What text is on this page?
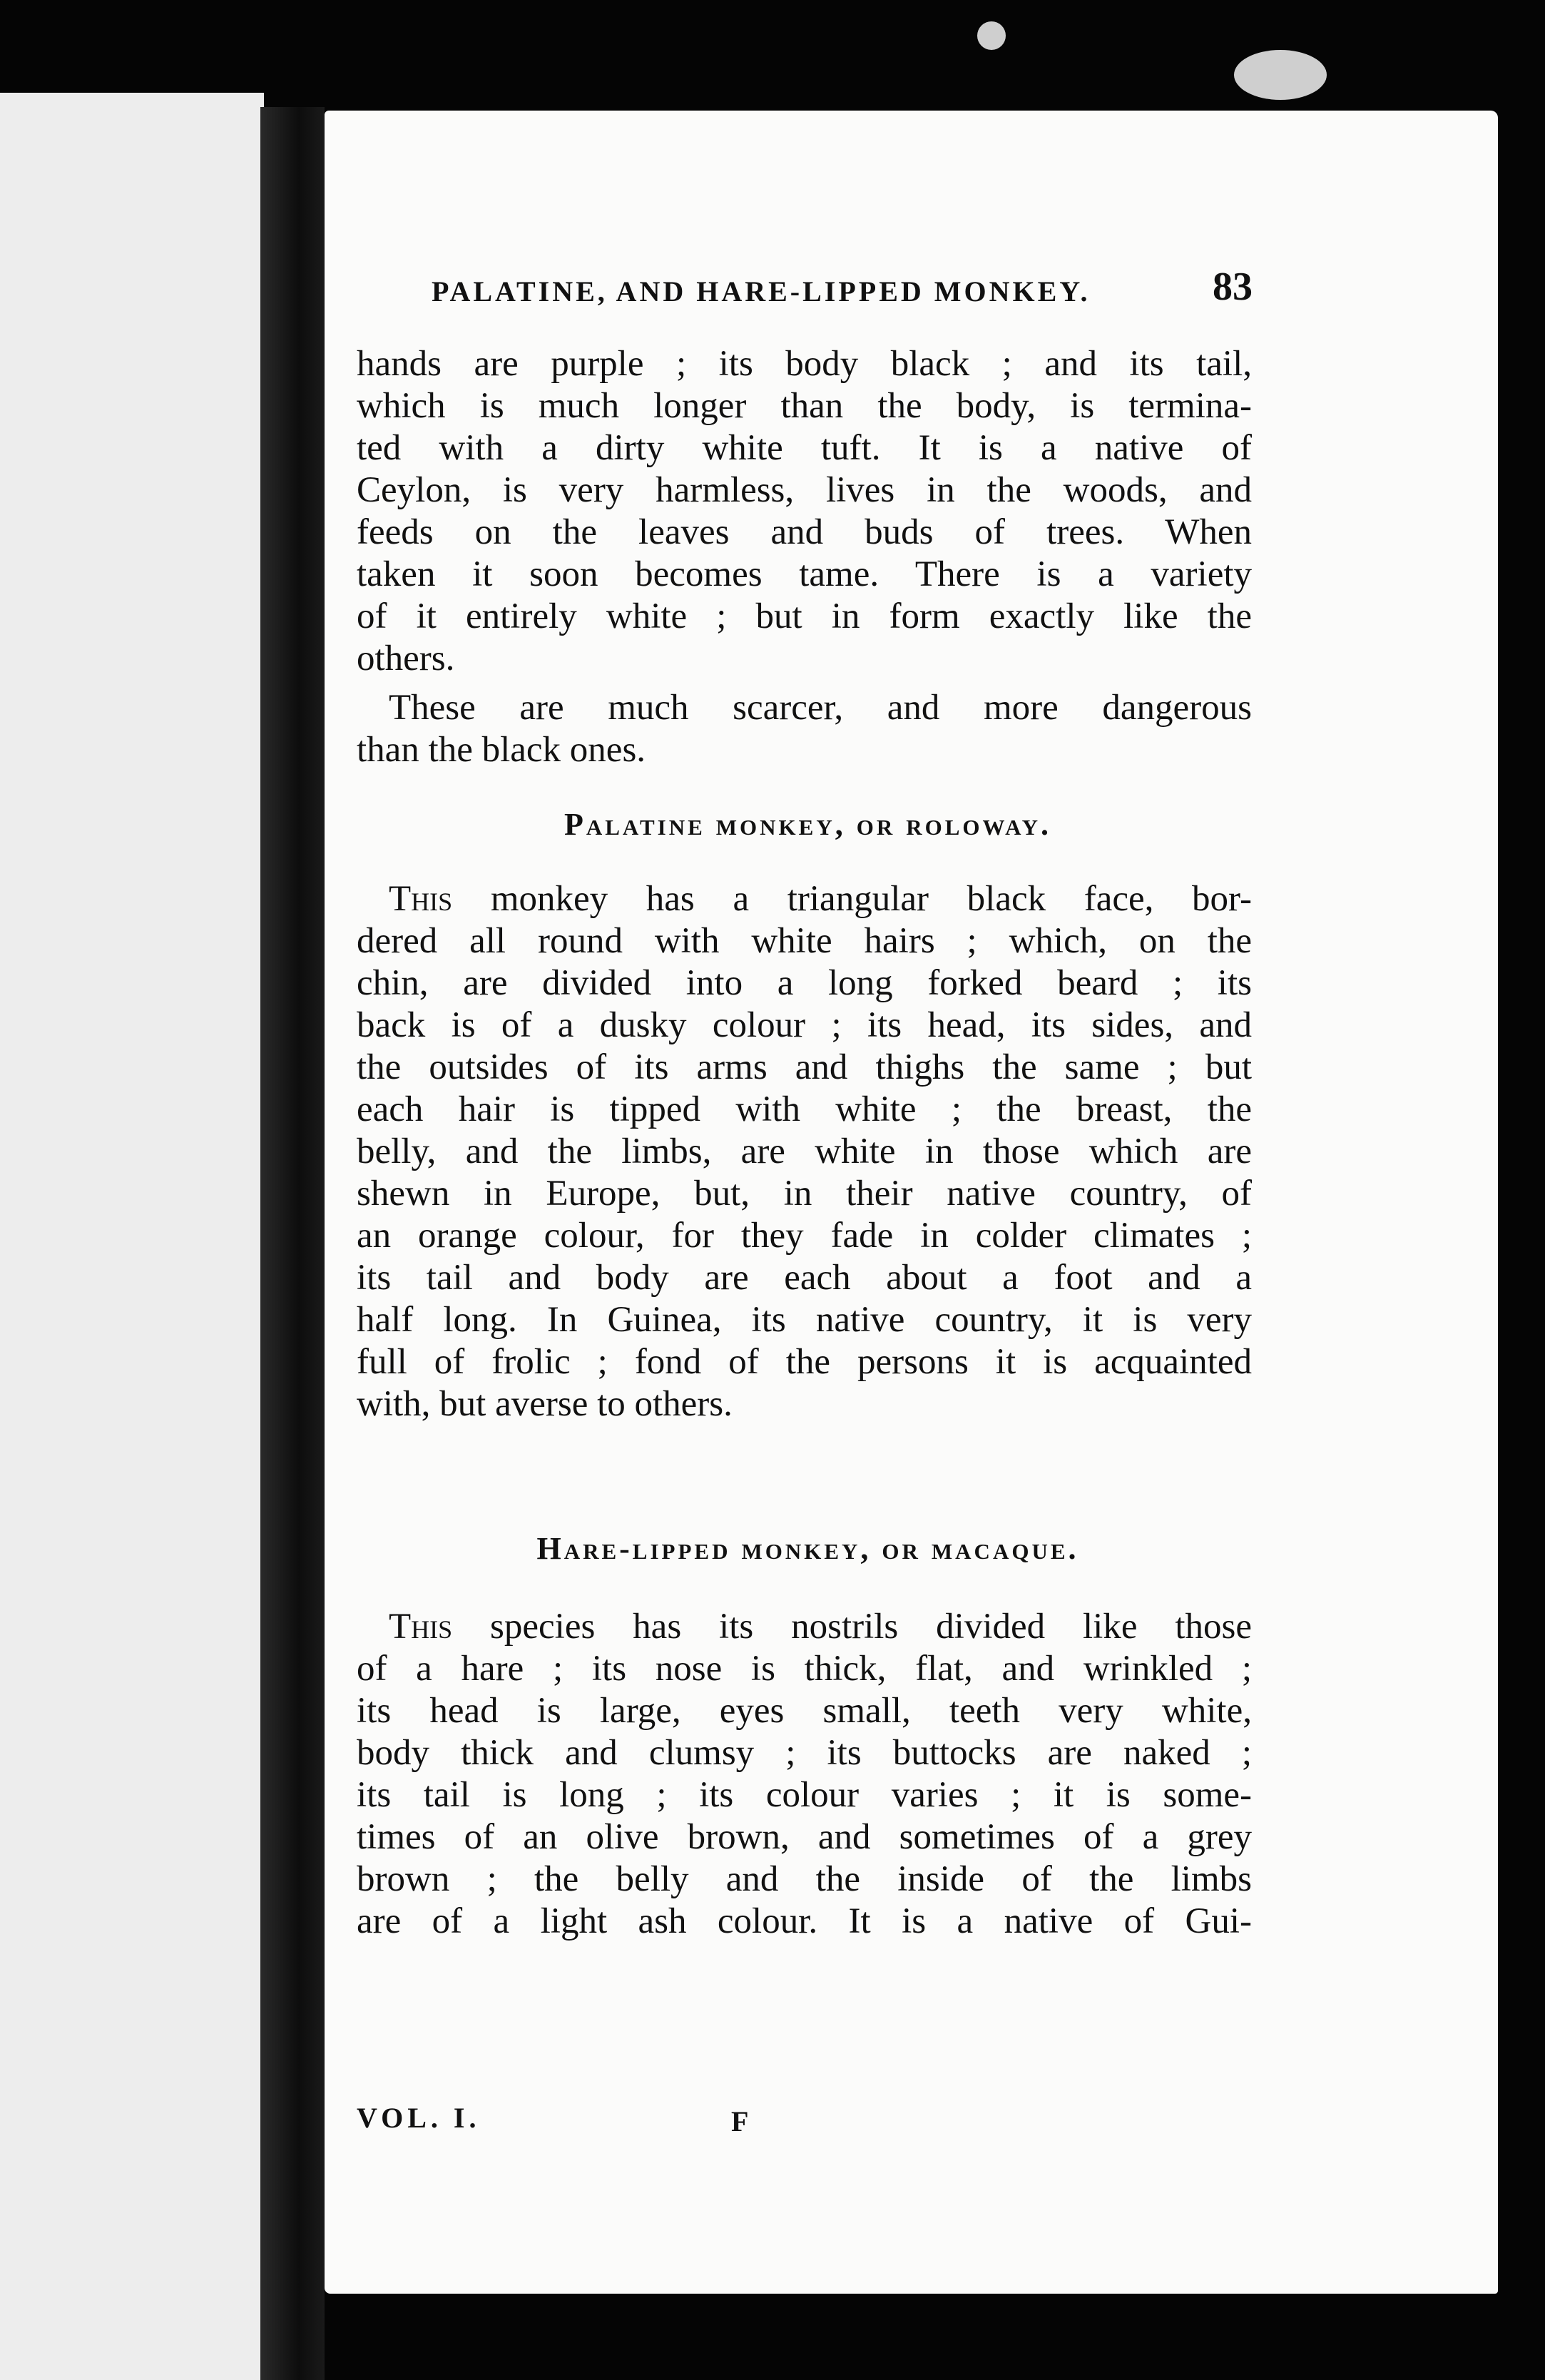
PALATINE, AND HARE-LIPPED MONKEY.	83
hands are purple ; its body black ; and its tail,
which is much longer than the body, is termina-
ted with a dirty white tuft. It is a native of
Ceylon, is very harmless, lives in the woods, and
feeds on the leaves and buds of trees. When
taken it soon becomes tame. There is a variety
of it entirely white ; but in form exactly like the
others.
These are much scarcer, and more dangerous
than the black ones.
Palatine monkey, or roloway.
This monkey has a triangular black face, bor-
dered all round with white hairs ; which, on the
chin, are divided into a long forked beard ; its
back is of a dusky colour ; its head, its sides, and
the outsides of its arms and thighs the same ; but
each hair is tipped with white ; the breast, the
belly, and the limbs, are white in those which are
shewn in Europe, but, in their native country, of
an orange colour, for they fade in colder climates ;
its tail and body are each about a foot and a
half long. In Guinea, its native country, it is very
full of frolic ; fond of the persons it is acquainted
with, but averse to others.
Hare-lipped monkey, or macaque.
This species has its nostrils divided like those
of a hare ; its nose is thick, flat, and wrinkled ;
its head is large, eyes small, teeth very white,
body thick and clumsy ; its buttocks are naked ;
its tail is long ; its colour varies ; it is some-
times of an olive brown, and sometimes of a grey
brown ; the belly and the inside of the limbs
are of a light ash colour. It is a native of Gui-
VOL. I.	F
